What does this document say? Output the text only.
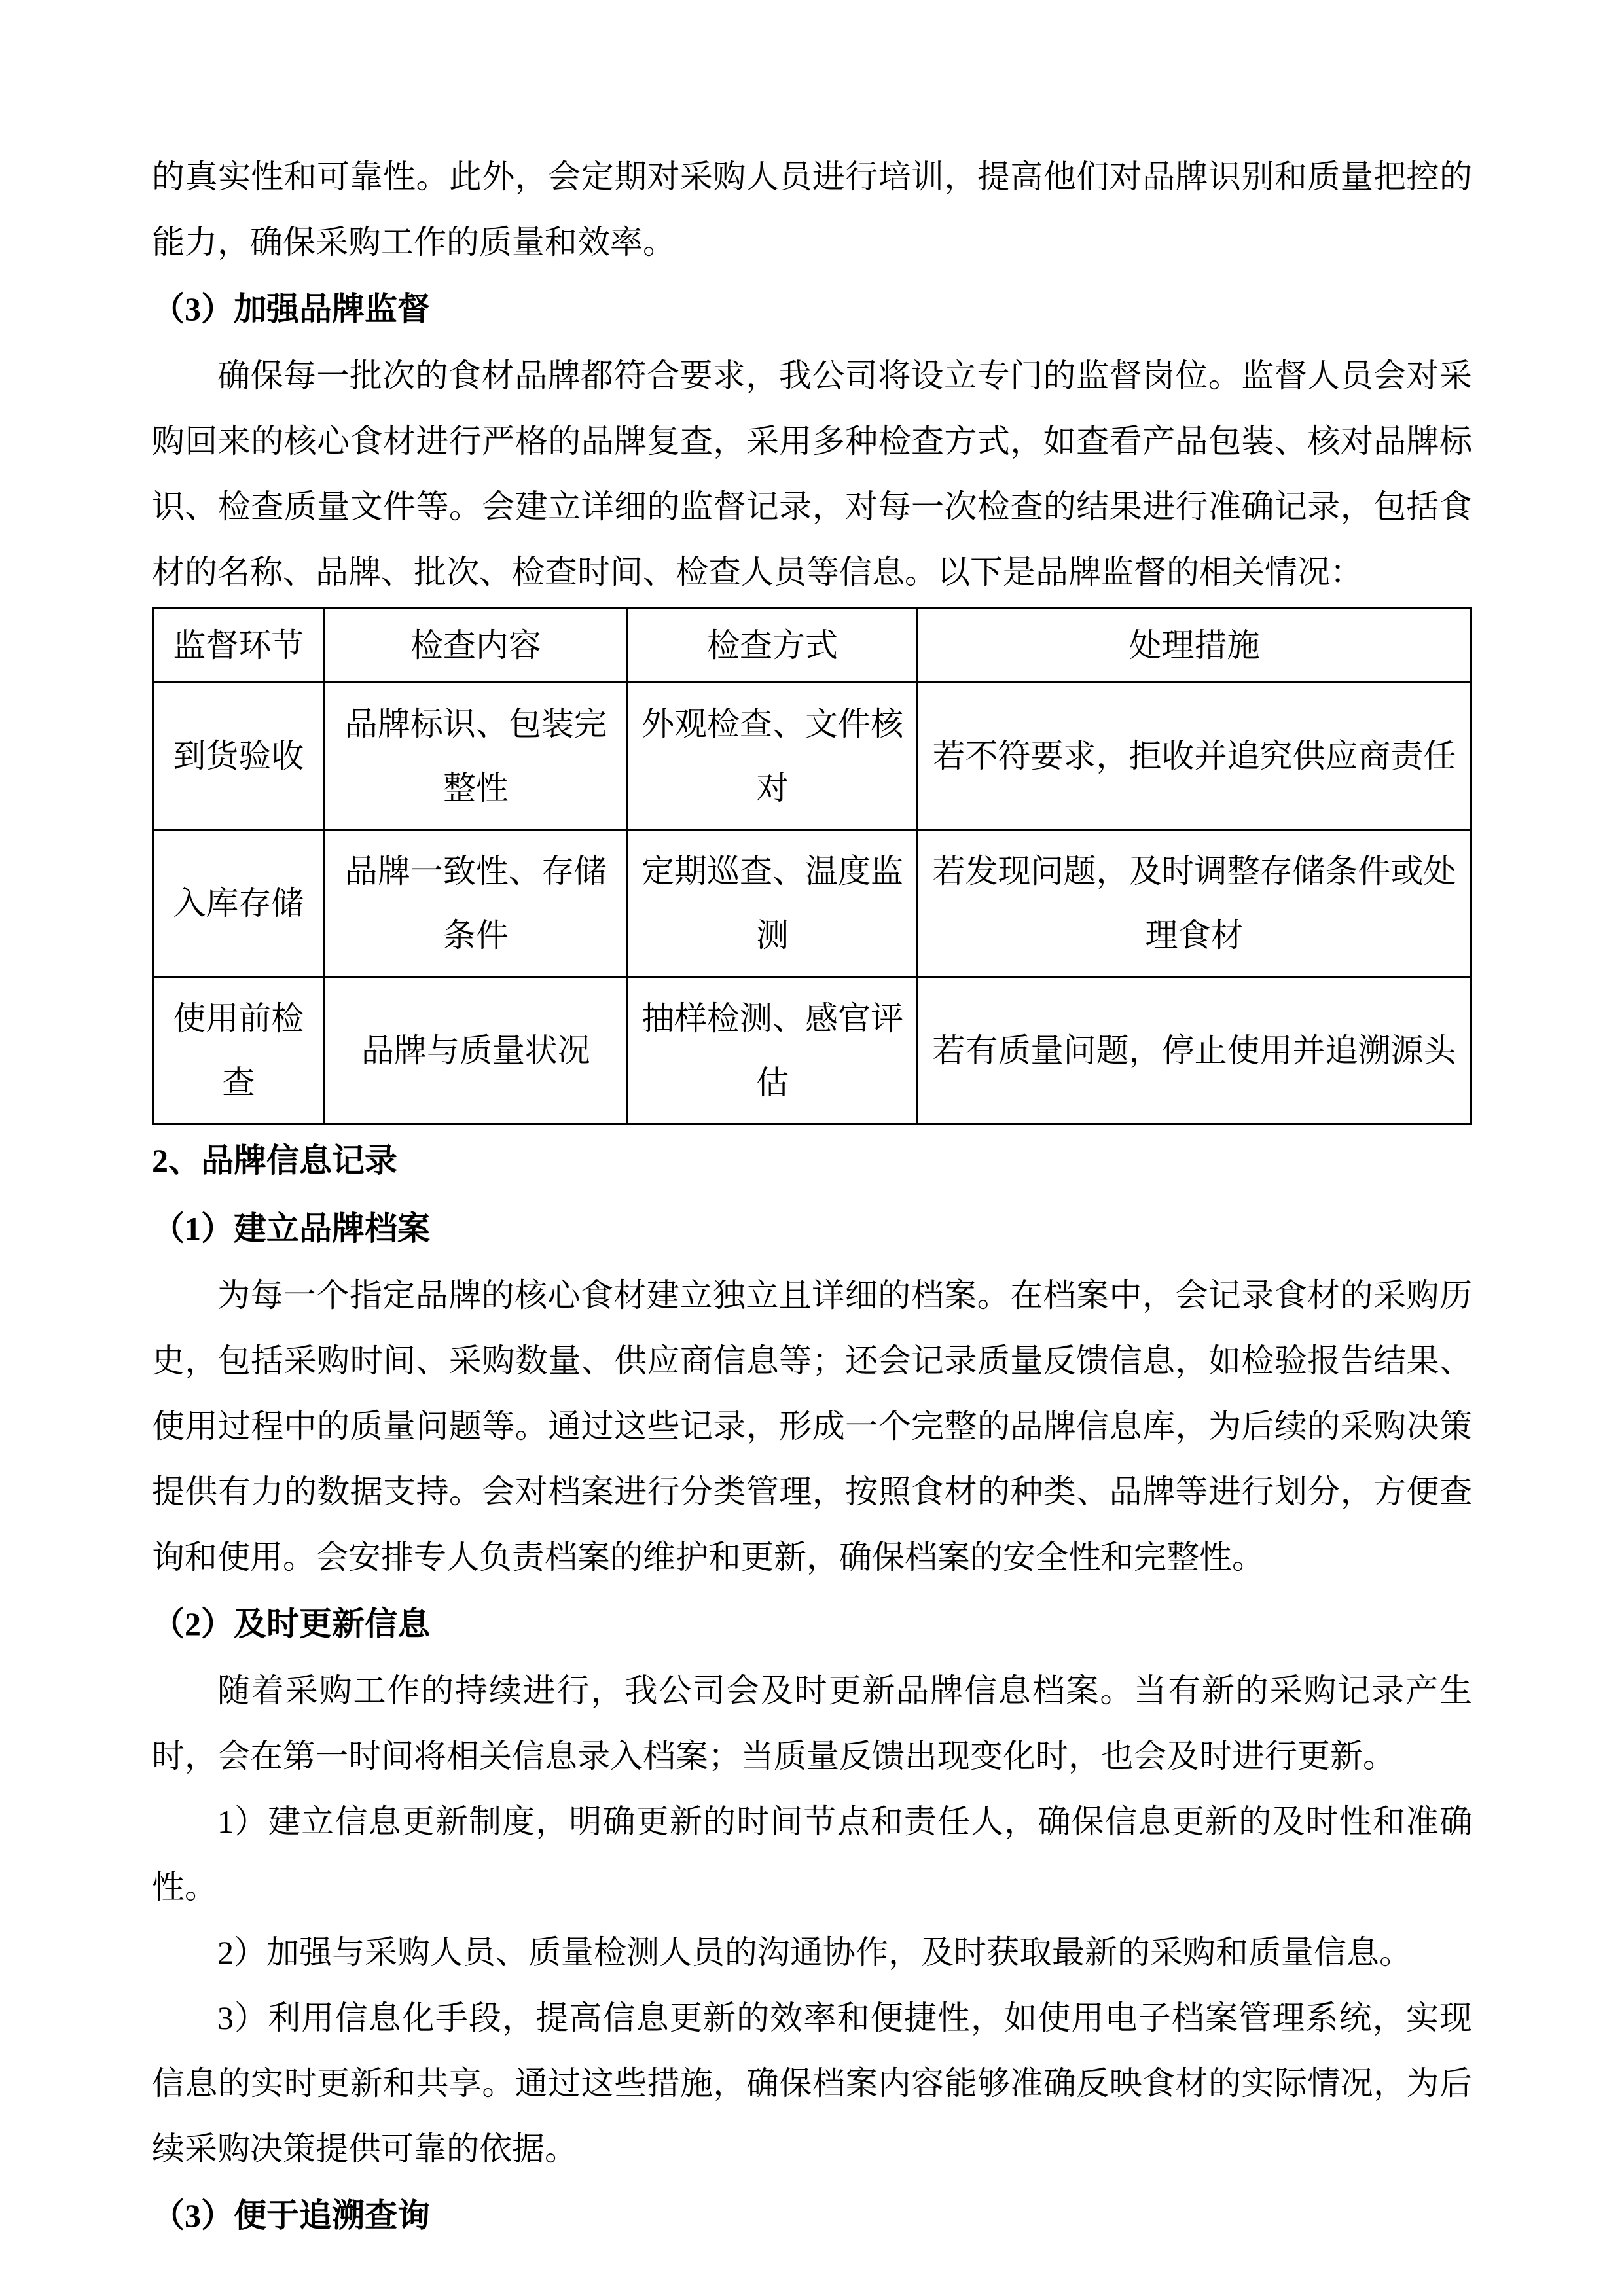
的真实性和可靠性。此外，会定期对采购人员进行培训，提高他们对品牌识别和质量把控的能力，确保采购工作的质量和效率。

（3）加强品牌监督

确保每一批次的食材品牌都符合要求，我公司将设立专门的监督岗位。监督人员会对采购回来的核心食材进行严格的品牌复查，采用多种检查方式，如查看产品包装、核对品牌标识、检查质量文件等。会建立详细的监督记录，对每一次检查的结果进行准确记录，包括食材的名称、品牌、批次、检查时间、检查人员等信息。以下是品牌监督的相关情况：

监督环节	检查内容	检查方式	处理措施
到货验收	品牌标识、包装完整性	外观检查、文件核对	若不符要求，拒收并追究供应商责任
入库存储	品牌一致性、存储条件	定期巡查、温度监测	若发现问题，及时调整存储条件或处理食材
使用前检查	品牌与质量状况	抽样检测、感官评估	若有质量问题，停止使用并追溯源头

2、品牌信息记录

（1）建立品牌档案

为每一个指定品牌的核心食材建立独立且详细的档案。在档案中，会记录食材的采购历史，包括采购时间、采购数量、供应商信息等；还会记录质量反馈信息，如检验报告结果、使用过程中的质量问题等。通过这些记录，形成一个完整的品牌信息库，为后续的采购决策提供有力的数据支持。会对档案进行分类管理，按照食材的种类、品牌等进行划分，方便查询和使用。会安排专人负责档案的维护和更新，确保档案的安全性和完整性。

（2）及时更新信息

随着采购工作的持续进行，我公司会及时更新品牌信息档案。当有新的采购记录产生时，会在第一时间将相关信息录入档案；当质量反馈出现变化时，也会及时进行更新。

1）建立信息更新制度，明确更新的时间节点和责任人，确保信息更新的及时性和准确性。

2）加强与采购人员、质量检测人员的沟通协作，及时获取最新的采购和质量信息。

3）利用信息化手段，提高信息更新的效率和便捷性，如使用电子档案管理系统，实现信息的实时更新和共享。通过这些措施，确保档案内容能够准确反映食材的实际情况，为后续采购决策提供可靠的依据。

（3）便于追溯查询
